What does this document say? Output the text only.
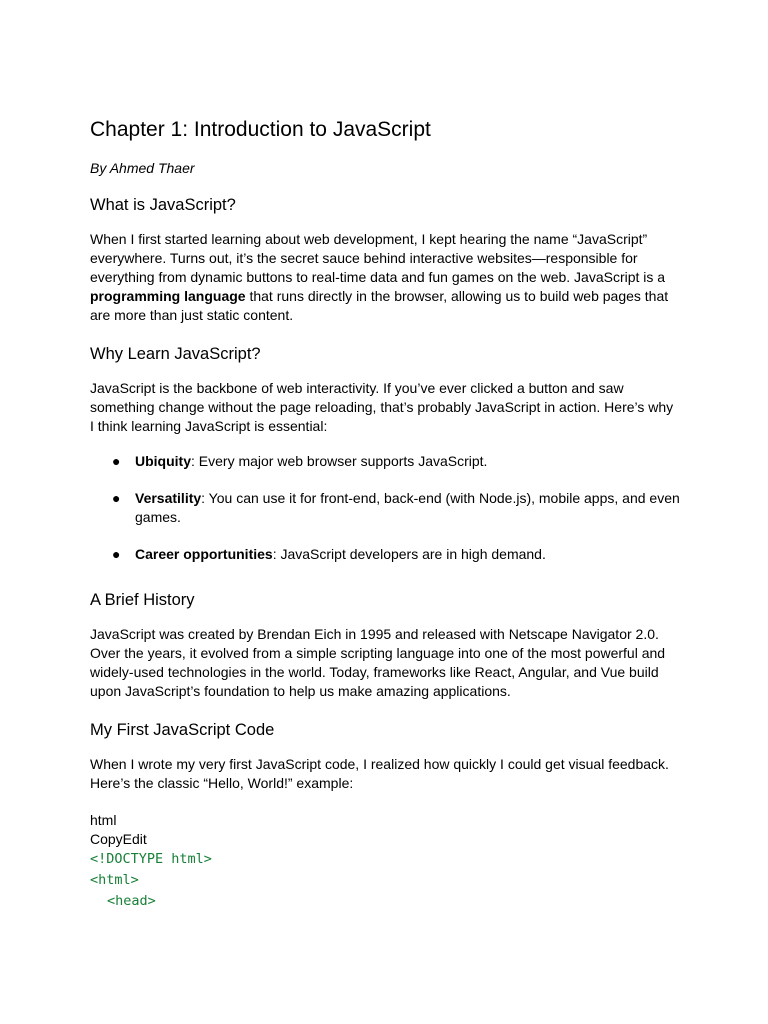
Chapter 1: Introduction to JavaScript

By Ahmed Thaer

What is JavaScript?

When I first started learning about web development, I kept hearing the name “JavaScript” everywhere. Turns out, it’s the secret sauce behind interactive websites—responsible for everything from dynamic buttons to real-time data and fun games on the web. JavaScript is a programming language that runs directly in the browser, allowing us to build web pages that are more than just static content.

Why Learn JavaScript?

JavaScript is the backbone of web interactivity. If you’ve ever clicked a button and saw something change without the page reloading, that’s probably JavaScript in action. Here’s why I think learning JavaScript is essential:

● Ubiquity: Every major web browser supports JavaScript.
● Versatility: You can use it for front-end, back-end (with Node.js), mobile apps, and even games.
● Career opportunities: JavaScript developers are in high demand.
A Brief History

JavaScript was created by Brendan Eich in 1995 and released with Netscape Navigator 2.0. Over the years, it evolved from a simple scripting language into one of the most powerful and widely-used technologies in the world. Today, frameworks like React, Angular, and Vue build upon JavaScript’s foundation to help us make amazing applications.

My First JavaScript Code

When I wrote my very first JavaScript code, I realized how quickly I could get visual feedback. Here’s the classic “Hello, World!” example:

html
CopyEdit
<!DOCTYPE html>
<html>
<head>
